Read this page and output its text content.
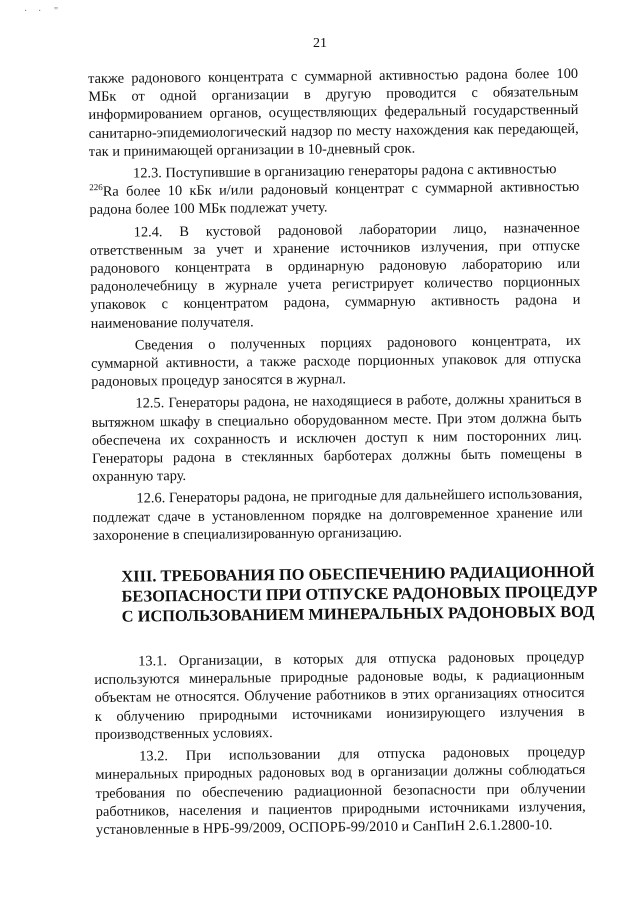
· · "
21

также радонового концентрата с суммарной активностью радона более 100 МБк от одной организации в другую проводится с обязательным информированием органов, осуществляющих федеральный государственный санитарно-эпидемиологический надзор по месту нахождения как передающей, так и принимающей организации в 10-дневный срок.

12.3. Поступившие в организацию генераторы радона с активностью
$^{226}$Ra более 10 кБк и/или радоновый концентрат с суммарной активностью радона более 100 МБк подлежат учету.

12.4. В кустовой радоновой лаборатории лицо, назначенное ответственным за учет и хранение источников излучения, при отпуске радонового концентрата в ординарную радоновую лабораторию или радонолечебницу в журнале учета регистрирует количество порционных упаковок с концентратом радона, суммарную активность радона и наименование получателя.

Сведения о полученных порциях радонового концентрата, их суммарной активности, а также расходе порционных упаковок для отпуска радоновых процедур заносятся в журнал.

12.5. Генераторы радона, не находящиеся в работе, должны храниться в вытяжном шкафу в специально оборудованном месте. При этом должна быть обеспечена их сохранность и исключен доступ к ним посторонних лиц. Генераторы радона в стеклянных барботерах должны быть помещены в охранную тару.

12.6. Генераторы радона, не пригодные для дальнейшего использования, подлежат сдаче в установленном порядке на долговременное хранение или захоронение в специализированную организацию.

XIII. ТРЕБОВАНИЯ ПО ОБЕСПЕЧЕНИЮ РАДИАЦИОННОЙ
БЕЗОПАСНОСТИ ПРИ ОТПУСКЕ РАДОНОВЫХ ПРОЦЕДУР
С ИСПОЛЬЗОВАНИЕМ МИНЕРАЛЬНЫХ РАДОНОВЫХ ВОД

13.1. Организации, в которых для отпуска радоновых процедур используются минеральные природные радоновые воды, к радиационным объектам не относятся. Облучение работников в этих организациях относится к облучению природными источниками ионизирующего излучения в производственных условиях.

13.2. При использовании для отпуска радоновых процедур минеральных природных радоновых вод в организации должны соблюдаться требования по обеспечению радиационной безопасности при облучении работников, населения и пациентов природными источниками излучения, установленные в НРБ-99/2009, ОСПОРБ-99/2010 и СанПиН 2.6.1.2800-10.
